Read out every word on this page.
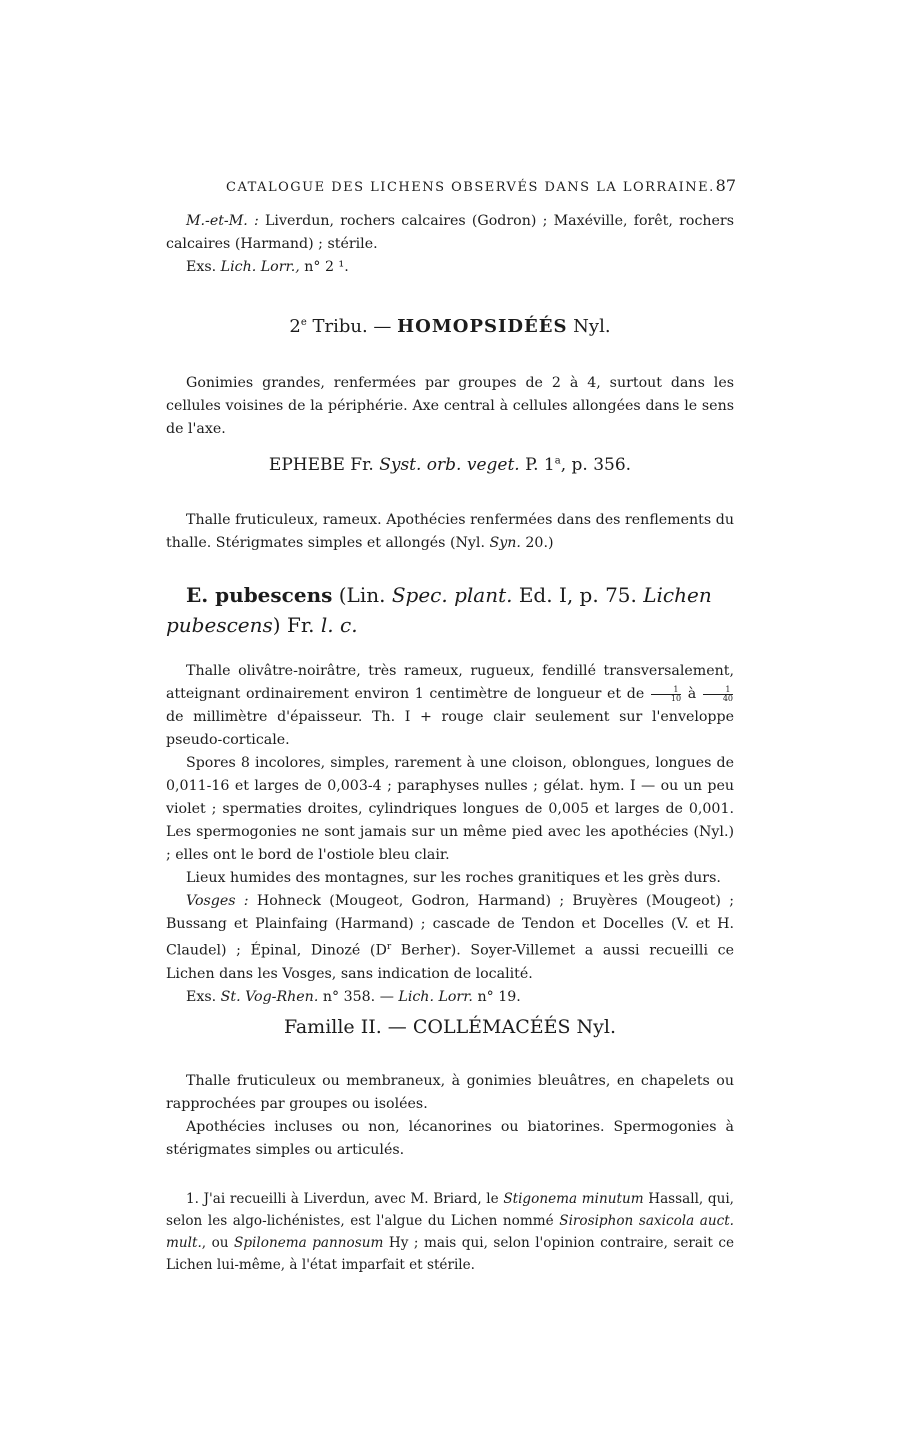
CATALOGUE DES LICHENS OBSERVÉS DANS LA LORRAINE. 87

M.-et-M. : Liverdun, rochers calcaires (Godron) ; Maxéville, forêt, rochers calcaires (Harmand) ; stérile.

Exs. Lich. Lorr., n° 2 ¹.

2e Tribu. — HOMOPSIDÉÉS Nyl.

Gonimies grandes, renfermées par groupes de 2 à 4, surtout dans les cellules voisines de la périphérie. Axe central à cellules allongées dans le sens de l'axe.

EPHEBE Fr. Syst. orb. veget. P. 1$^a$, p. 356.

Thalle fruticuleux, rameux. Apothécies renfermées dans des renflements du thalle. Stérigmates simples et allongés (Nyl. Syn. 20.)

E. pubescens (Lin. Spec. plant. Ed. I, p. 75. Lichen pubescens) Fr. l. c.

Thalle olivâtre-noirâtre, très rameux, rugueux, fendillé transversalement, atteignant ordinairement environ 1 centimètre de longueur et de $\frac{1}{10}$ à $\frac{1}{40}$
de millimètre d'épaisseur. Th. I + rouge clair seulement sur l'enveloppe pseudo-corticale.

Spores 8 incolores, simples, rarement à une cloison, oblongues, longues de 0,011-16 et larges de 0,003-4 ; paraphyses nulles ; gélat. hym. I — ou un peu violet ; spermaties droites, cylindriques longues de 0,005 et larges de 0,001. Les spermogonies ne sont jamais sur un même pied avec les apothécies (Nyl.) ; elles ont le bord de l'ostiole bleu clair.

Lieux humides des montagnes, sur les roches granitiques et les grès durs.

Vosges : Hohneck (Mougeot, Godron, Harmand) ; Bruyères (Mougeot) ; Bussang et Plainfaing (Harmand) ; cascade de Tendon et Docelles (V. et H. Claudel) ; Épinal, Dinozé ($D^r$ Berher). Soyer-Villemet a aussi recueilli ce Lichen dans les Vosges, sans indication de localité.

Exs. St. Vog-Rhen. n° 358. — Lich. Lorr. n° 19.

Famille II. — COLLÉMACÉÉS Nyl.

Thalle fruticuleux ou membraneux, à gonimies bleuâtres, en chapelets ou rapprochées par groupes ou isolées.

Apothécies incluses ou non, lécanorines ou biatorines. Spermogonies à stérigmates simples ou articulés.

1. J'ai recueilli à Liverdun, avec M. Briard, le Stigonema minutum Hassall, qui, selon les algo-lichénistes, est l'algue du Lichen nommé Sirosiphon saxicola auct. mult., ou Spilonema pannosum Hy ; mais qui, selon l'opinion contraire, serait ce Lichen lui-même, à l'état imparfait et stérile.
